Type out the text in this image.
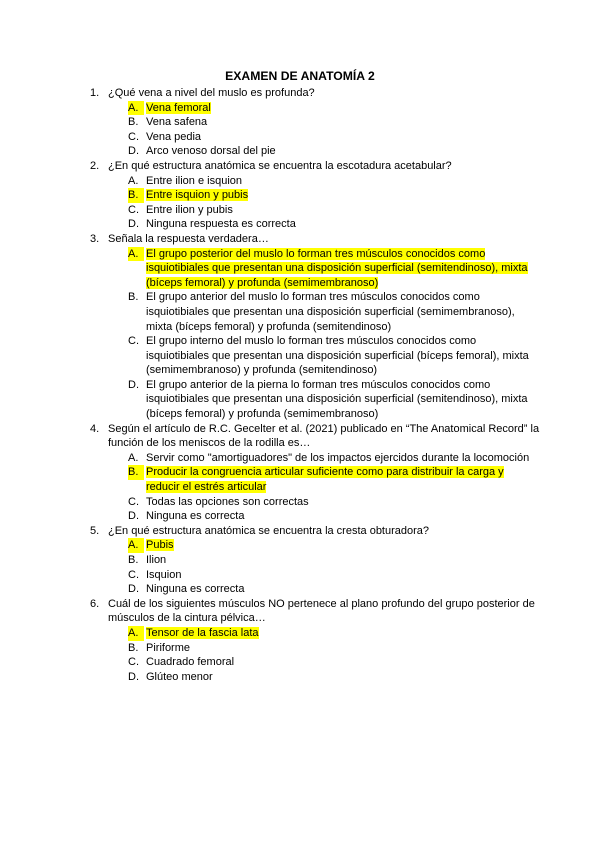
EXAMEN DE ANATOMÍA 2
1. ¿Qué vena a nivel del muslo es profunda?
A. Vena femoral
B. Vena safena
C. Vena pedia
D. Arco venoso dorsal del pie
2. ¿En qué estructura anatómica se encuentra la escotadura acetabular?
A. Entre ilion e isquion
B. Entre isquion y pubis
C. Entre ilion y pubis
D. Ninguna respuesta es correcta
3. Señala la respuesta verdadera…
A. El grupo posterior del muslo lo forman tres músculos conocidos como isquiotibiales que presentan una disposición superficial (semitendinoso), mixta (bíceps femoral) y profunda (semimembranoso)
B. El grupo anterior del muslo lo forman tres músculos conocidos como isquiotibiales que presentan una disposición superficial (semimembranoso), mixta (bíceps femoral) y profunda (semitendinoso)
C. El grupo interno del muslo lo forman tres músculos conocidos como isquiotibiales que presentan una disposición superficial (bíceps femoral), mixta (semimembranoso) y profunda (semitendinoso)
D. El grupo anterior de la pierna lo forman tres músculos conocidos como isquiotibiales que presentan una disposición superficial (semitendinoso), mixta (bíceps femoral) y profunda (semimembranoso)
4. Según el artículo de R.C. Gecelter et al. (2021) publicado en “The Anatomical Record” la función de los meniscos de la rodilla es…
A. Servir como "amortiguadores" de los impactos ejercidos durante la locomoción
B. Producir la congruencia articular suficiente como para distribuir la carga y reducir el estrés articular
C. Todas las opciones son correctas
D. Ninguna es correcta
5. ¿En qué estructura anatómica se encuentra la cresta obturadora?
A. Pubis
B. Ilion
C. Isquion
D. Ninguna es correcta
6. Cuál de los siguientes músculos NO pertenece al plano profundo del grupo posterior de músculos de la cintura pélvica…
A. Tensor de la fascia lata
B. Piriforme
C. Cuadrado femoral
D. Glúteo menor
